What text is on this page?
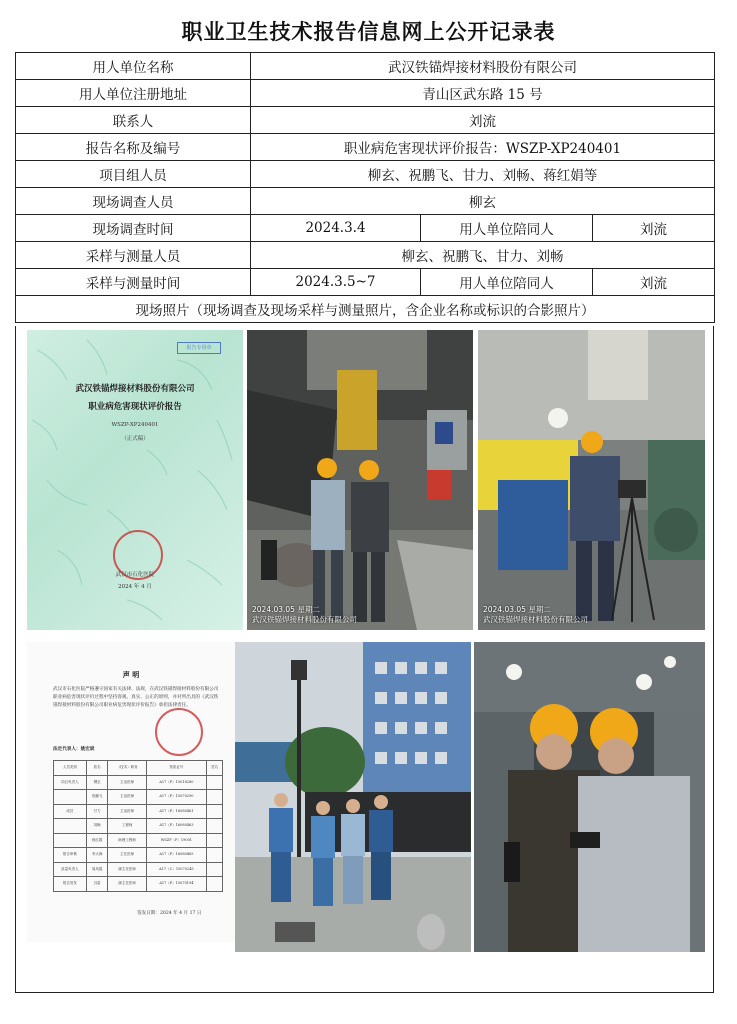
职业卫生技术报告信息网上公开记录表
用人单位名称	武汉铁锚焊接材料股份有限公司		
用人单位注册地址	青山区武东路 15 号		
联系人	刘流		
报告名称及编号	职业病危害现状评价报告：WSZP-XP240401		
项目组人员	柳玄、祝鹏飞、甘力、刘畅、蒋红娟等		
现场调查人员	柳玄		
现场调查时间	2024.3.4	用人单位陪同人	刘流
采样与测量人员	柳玄、祝鹏飞、甘力、刘畅		
采样与测量时间	2024.3.5~7	用人单位陪同人	刘流
现场照片（现场调查及现场采样与测量照片，含企业名称或标识的合影照片）			
报告专用章
武汉铁锚焊接材料股份有限公司
职业病危害现状评价报告
WSZP-XP240401
（正式稿）
武汉市石化医院
2024 年 4 月
2024.03.05 星期二
武汉铁锚焊接材料股份有限公司
2024.03.05 星期二
武汉铁锚焊接材料股份有限公司
声 明
武汉市石化医院严格遵守国家有关法律、法规，在武汉铁锚焊接材料股份有限公司职业病危害现状评价过程中坚持客观、真实、公正的原则，并对所出具的《武汉铁锚焊接材料股份有限公司职业病危害现状评价报告》承担法律责任。
法定代表人：姚宏斌
人员类别	姓名	（技术）职务	资质证号	签名
项目负责人	柳玄	主治医师	A17（P）15018280	
	祝鹏飞	主治医师	A17（P）15070290	
成员	甘力	主治医师	A17（P）16080461	
	刘畅	工程师	A17（P）16080463	
	蒋红娟	助理工程师	WSZP（P）19001	
报告审核	李大海	主任医师	A17（P）16080465	
质量负责人	周凤霞	副主任医师	A17（C）15070245	
报告签发	谷雷	副主任医师	A17（P）15070194	
签发日期：2024 年 4 月 17 日
